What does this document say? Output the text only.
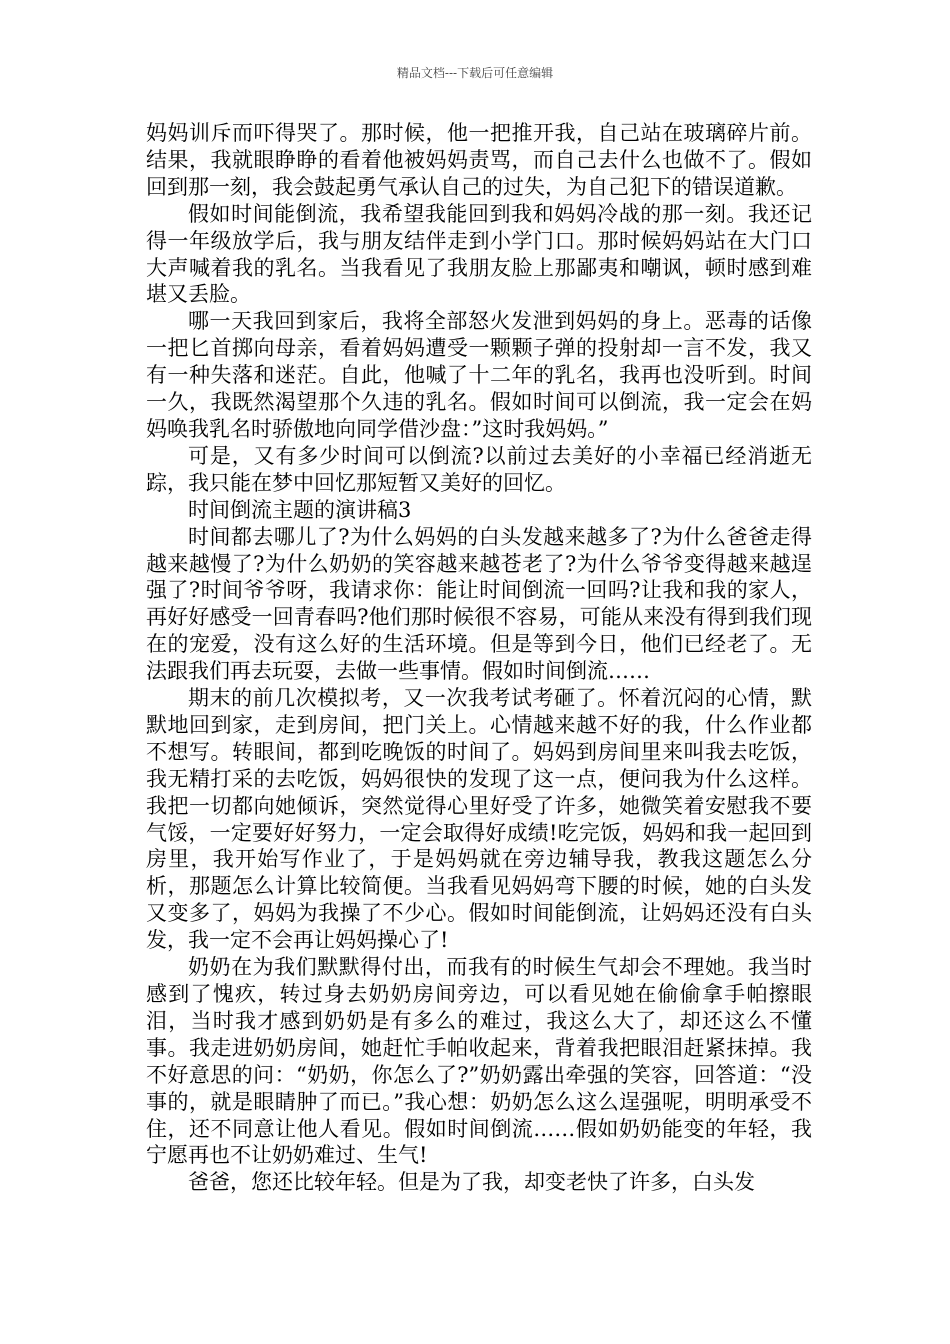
精品文档---下载后可任意编辑

妈妈训斥而吓得哭了。那时候，他一把推开我，自己站在玻璃碎片前。结果，我就眼睁睁的看着他被妈妈责骂，而自己去什么也做不了。假如回到那一刻，我会鼓起勇气承认自己的过失，为自己犯下的错误道歉。

假如时间能倒流，我希望我能回到我和妈妈冷战的那一刻。我还记得一年级放学后，我与朋友结伴走到小学门口。那时候妈妈站在大门口大声喊着我的乳名。当我看见了我朋友脸上那鄙夷和嘲讽，顿时感到难堪又丢脸。

哪一天我回到家后，我将全部怒火发泄到妈妈的身上。恶毒的话像一把匕首掷向母亲，看着妈妈遭受一颗颗子弹的投射却一言不发，我又有一种失落和迷茫。自此，他喊了十二年的乳名，我再也没听到。时间一久，我既然渴望那个久违的乳名。假如时间可以倒流，我一定会在妈妈唤我乳名时骄傲地向同学借沙盘：”这时我妈妈。”

可是，又有多少时间可以倒流?以前过去美好的小幸福已经消逝无踪，我只能在梦中回忆那短暂又美好的回忆。

时间倒流主题的演讲稿3

时间都去哪儿了?为什么妈妈的白头发越来越多了?为什么爸爸走得越来越慢了?为什么奶奶的笑容越来越苍老了?为什么爷爷变得越来越逞强了?时间爷爷呀，我请求你：能让时间倒流一回吗?让我和我的家人，再好好感受一回青春吗?他们那时候很不容易，可能从来没有得到我们现在的宠爱，没有这么好的生活环境。但是等到今日，他们已经老了。无法跟我们再去玩耍，去做一些事情。假如时间倒流……

期末的前几次模拟考，又一次我考试考砸了。怀着沉闷的心情，默默地回到家，走到房间，把门关上。心情越来越不好的我，什么作业都不想写。转眼间，都到吃晚饭的时间了。妈妈到房间里来叫我去吃饭，我无精打采的去吃饭，妈妈很快的发现了这一点，便问我为什么这样。我把一切都向她倾诉，突然觉得心里好受了许多，她微笑着安慰我不要气馁，一定要好好努力，一定会取得好成绩!吃完饭，妈妈和我一起回到房里，我开始写作业了，于是妈妈就在旁边辅导我，教我这题怎么分析，那题怎么计算比较简便。当我看见妈妈弯下腰的时候，她的白头发又变多了，妈妈为我操了不少心。假如时间能倒流，让妈妈还没有白头发，我一定不会再让妈妈操心了!

奶奶在为我们默默得付出，而我有的时候生气却会不理她。我当时感到了愧疚，转过身去奶奶房间旁边，可以看见她在偷偷拿手帕擦眼泪，当时我才感到奶奶是有多么的难过，我这么大了，却还这么不懂事。我走进奶奶房间，她赶忙手帕收起来，背着我把眼泪赶紧抹掉。我不好意思的问：“奶奶，你怎么了?”奶奶露出牵强的笑容，回答道：“没事的，就是眼睛肿了而已。”我心想：奶奶怎么这么逞强呢，明明承受不住，还不同意让他人看见。假如时间倒流……假如奶奶能变的年轻，我宁愿再也不让奶奶难过、生气!

爸爸，您还比较年轻。但是为了我，却变老快了许多，白头发
